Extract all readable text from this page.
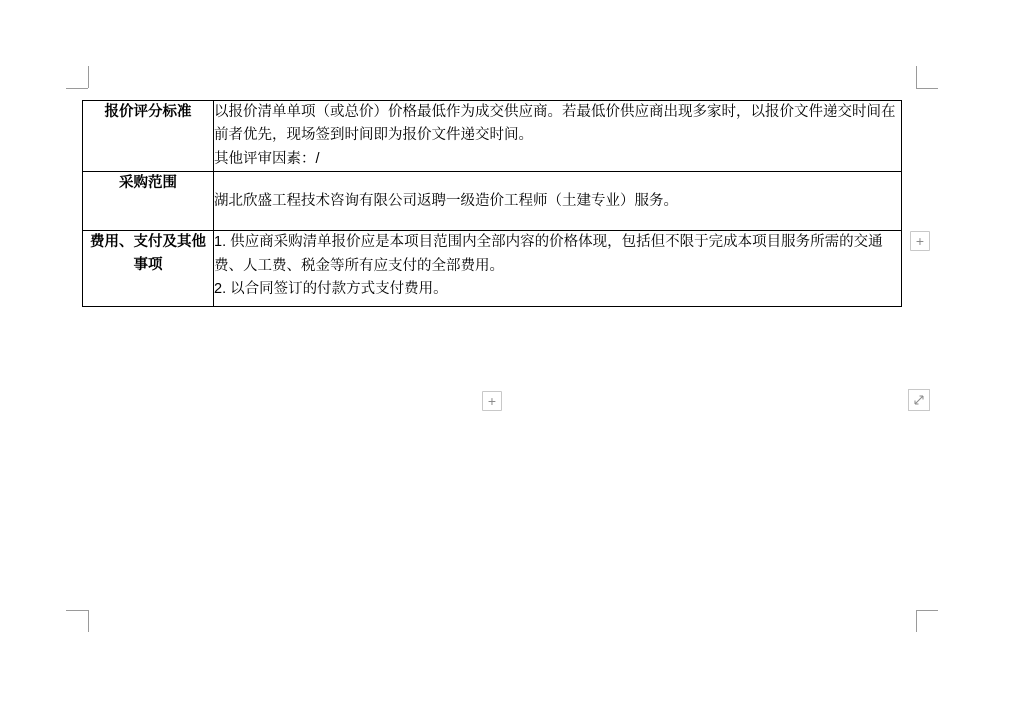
报价评分标准	以报价清单单项（或总价）价格最低作为成交供应商。若最低价供应商出现多家时，以报价文件递交时间在前者优先，现场签到时间即为报价文件递交时间。

其他评审因素：/

采购范围	湖北欣盛工程技术咨询有限公司返聘一级造价工程师（土建专业）服务。

费用、支付及其他事项	1. 供应商采购清单报价应是本项目范围内全部内容的价格体现，包括但不限于完成本项目服务所需的交通费、人工费、税金等所有应支付的全部费用。

2. 以合同签订的付款方式支付费用。

+
+
